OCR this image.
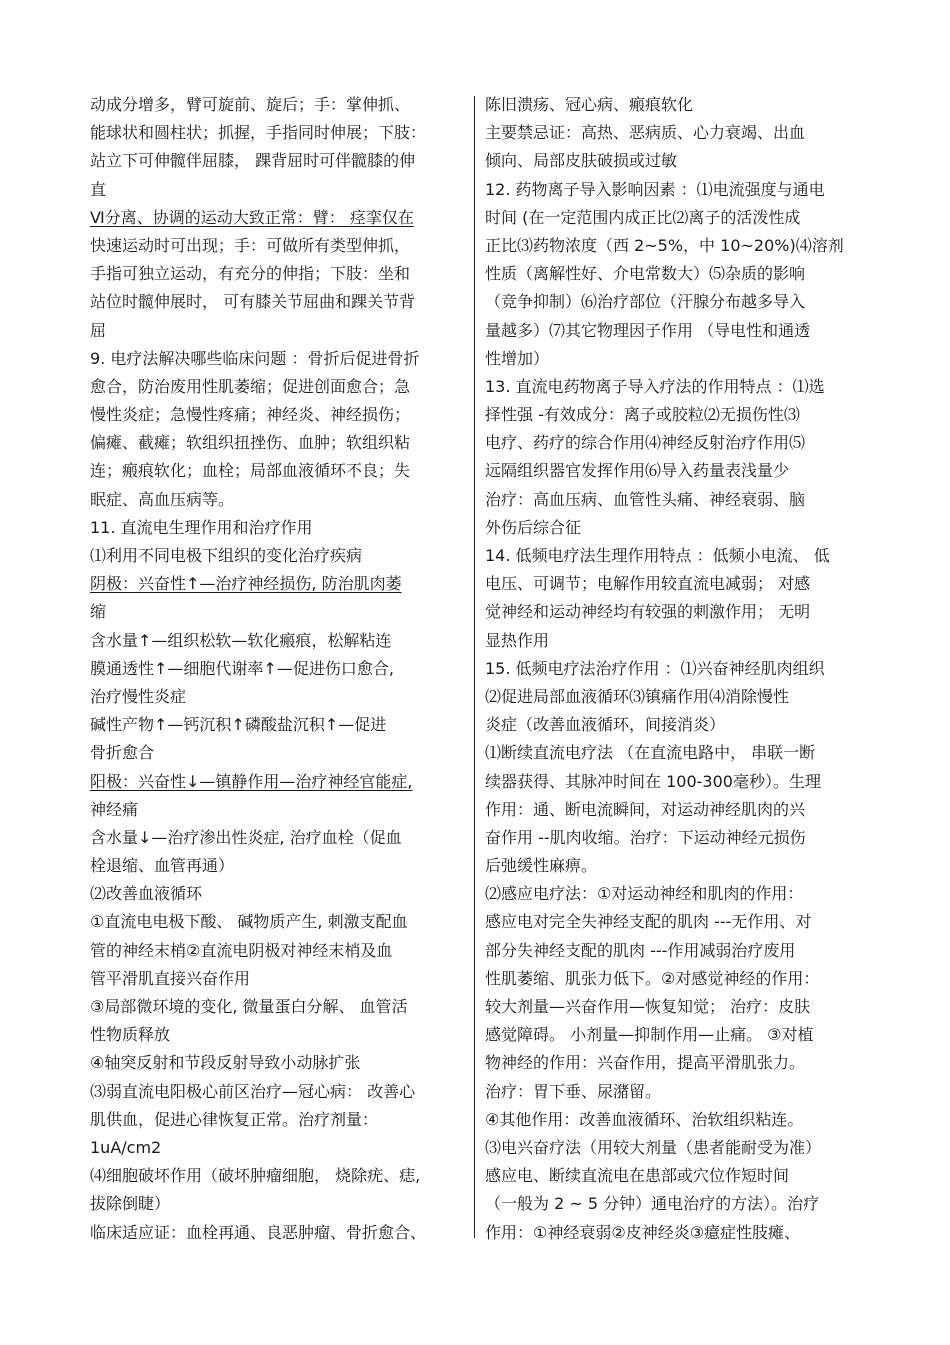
动成分增多，臂可旋前、旋后；手：掌伸抓、
能球状和圆柱状；抓握，手指同时伸展；下肢：
站立下可伸髋伴屈膝， 踝背屈时可伴髋膝的伸
直
Ⅵ分离、协调的运动大致正常：臂： 痉挛仅在
快速运动时可出现；手：可做所有类型伸抓，
手指可独立运动，有充分的伸指；下肢：坐和
站位时髋伸展时， 可有膝关节屈曲和踝关节背
屈
9. 电疗法解决哪些临床问题 ：骨折后促进骨折
愈合，防治废用性肌萎缩；促进创面愈合；急
慢性炎症；急慢性疼痛；神经炎、神经损伤；
偏瘫、截瘫；软组织扭挫伤、血肿；软组织粘
连；瘢痕软化；血栓；局部血液循环不良；失
眠症、高血压病等。
11. 直流电生理作用和治疗作用
⑴利用不同电极下组织的变化治疗疾病
阴极：兴奋性↑—治疗神经损伤, 防治肌肉萎
缩
含水量↑—组织松软—软化瘢痕，松解粘连
膜通透性↑—细胞代谢率↑—促进伤口愈合,
治疗慢性炎症
碱性产物↑—钙沉积↑磷酸盐沉积↑—促进
骨折愈合
阳极：兴奋性↓—镇静作用—治疗神经官能症,
神经痛
含水量↓—治疗渗出性炎症, 治疗血栓（促血
栓退缩、血管再通）
⑵改善血液循环
①直流电电极下酸、 碱物质产生, 刺激支配血
管的神经末梢②直流电阴极对神经末梢及血
管平滑肌直接兴奋作用
③局部微环境的变化, 微量蛋白分解、 血管活
性物质释放
④轴突反射和节段反射导致小动脉扩张
⑶弱直流电阳极心前区治疗—冠心病： 改善心
肌供血，促进心律恢复正常。治疗剂量：
1uA/cm2
⑷细胞破坏作用（破坏肿瘤细胞， 烧除疣、痣,
拔除倒睫）
临床适应证：血栓再通、良恶肿瘤、骨折愈合、
陈旧溃疡、冠心病、瘢痕软化
主要禁忌证：高热、恶病质、心力衰竭、出血
倾向、局部皮肤破损或过敏
12. 药物离子导入影响因素 ：⑴电流强度与通电
时间 (在一定范围内成正比⑵离子的活泼性成
正比⑶药物浓度（西 2~5%，中 10~20%)⑷溶剂
性质（离解性好、介电常数大）⑸杂质的影响
（竞争抑制）⑹治疗部位（汗腺分布越多导入
量越多）⑺其它物理因子作用 （导电性和通透
性增加）
13. 直流电药物离子导入疗法的作用特点 ：⑴选
择性强 -有效成分：离子或胶粒⑵无损伤性⑶
电疗、药疗的综合作用⑷神经反射治疗作用⑸
远隔组织器官发挥作用⑹导入药量表浅量少
治疗：高血压病、血管性头痛、神经衰弱、脑
外伤后综合征
14. 低频电疗法生理作用特点 ：低频小电流、 低
电压、可调节；电解作用较直流电减弱； 对感
觉神经和运动神经均有较强的刺激作用； 无明
显热作用
15. 低频电疗法治疗作用 ：⑴兴奋神经肌肉组织
⑵促进局部血液循环⑶镇痛作用⑷消除慢性
炎症（改善血液循环，间接消炎）
⑴断续直流电疗法 （在直流电路中， 串联一断
续器获得、其脉冲时间在 100-300毫秒）。生理
作用：通、断电流瞬间，对运动神经肌肉的兴
奋作用 --肌肉收缩。治疗：下运动神经元损伤
后弛缓性麻痹。
⑵感应电疗法：①对运动神经和肌肉的作用：
感应电对完全失神经支配的肌肉 ---无作用、对
部分失神经支配的肌肉 ---作用减弱治疗废用
性肌萎缩、肌张力低下。②对感觉神经的作用：
较大剂量—兴奋作用—恢复知觉； 治疗：皮肤
感觉障碍。 小剂量—抑制作用—止痛。 ③对植
物神经的作用：兴奋作用，提高平滑肌张力。
治疗：胃下垂、尿潴留。
④其他作用：改善血液循环、治软组织粘连。
⑶电兴奋疗法（用较大剂量（患者能耐受为准）
感应电、断续直流电在患部或穴位作短时间
（一般为 2 ~ 5 分钟）通电治疗的方法）。治疗
作用：①神经衰弱②皮神经炎③癔症性肢瘫、
